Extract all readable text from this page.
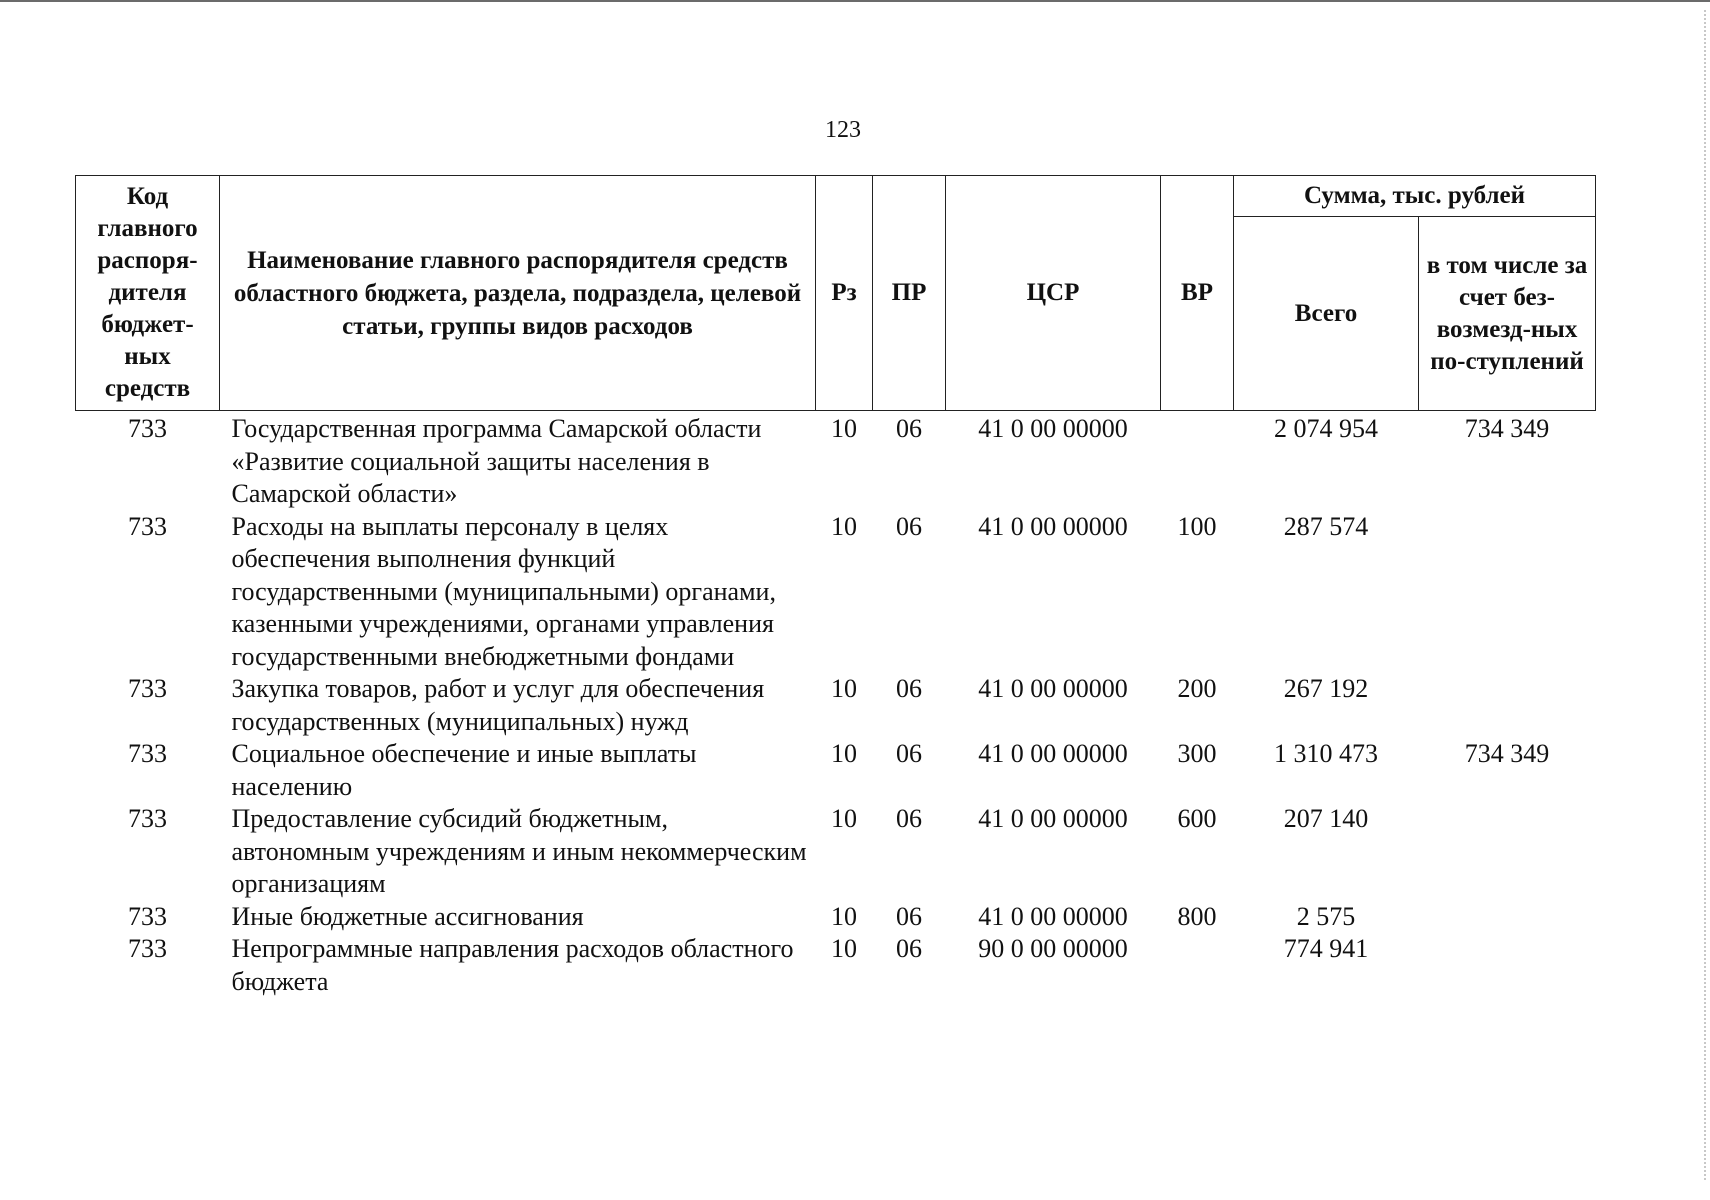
123
Код главного распоря-дителя бюджет-ных средств	Наименование главного распорядителя средств областного бюджета, раздела, подраздела, целевой статьи, группы видов расходов	Рз	ПР	ЦСР	ВР	Сумма, тыс. рублей	
						Всего	в том числе за счет без-возмезд-ных по-ступлений
733	Государственная программа Самарской области «Развитие социальной защиты населения в Самарской области»	10	06	41 0 00 00000		2 074 954	734 349
733	Расходы на выплаты персоналу в целях обеспечения выполнения функций государственными (муниципальными) органами, казенными учреждениями, органами управления государственными внебюджетными фондами	10	06	41 0 00 00000	100	287 574	
733	Закупка товаров, работ и услуг для обеспечения государственных (муниципальных) нужд	10	06	41 0 00 00000	200	267 192	
733	Социальное обеспечение и иные выплаты населению	10	06	41 0 00 00000	300	1 310 473	734 349
733	Предоставление субсидий бюджетным, автономным учреждениям и иным некоммерческим организациям	10	06	41 0 00 00000	600	207 140	
733	Иные бюджетные ассигнования	10	06	41 0 00 00000	800	2 575	
733	Непрограммные направления расходов областного бюджета	10	06	90 0 00 00000		774 941	
